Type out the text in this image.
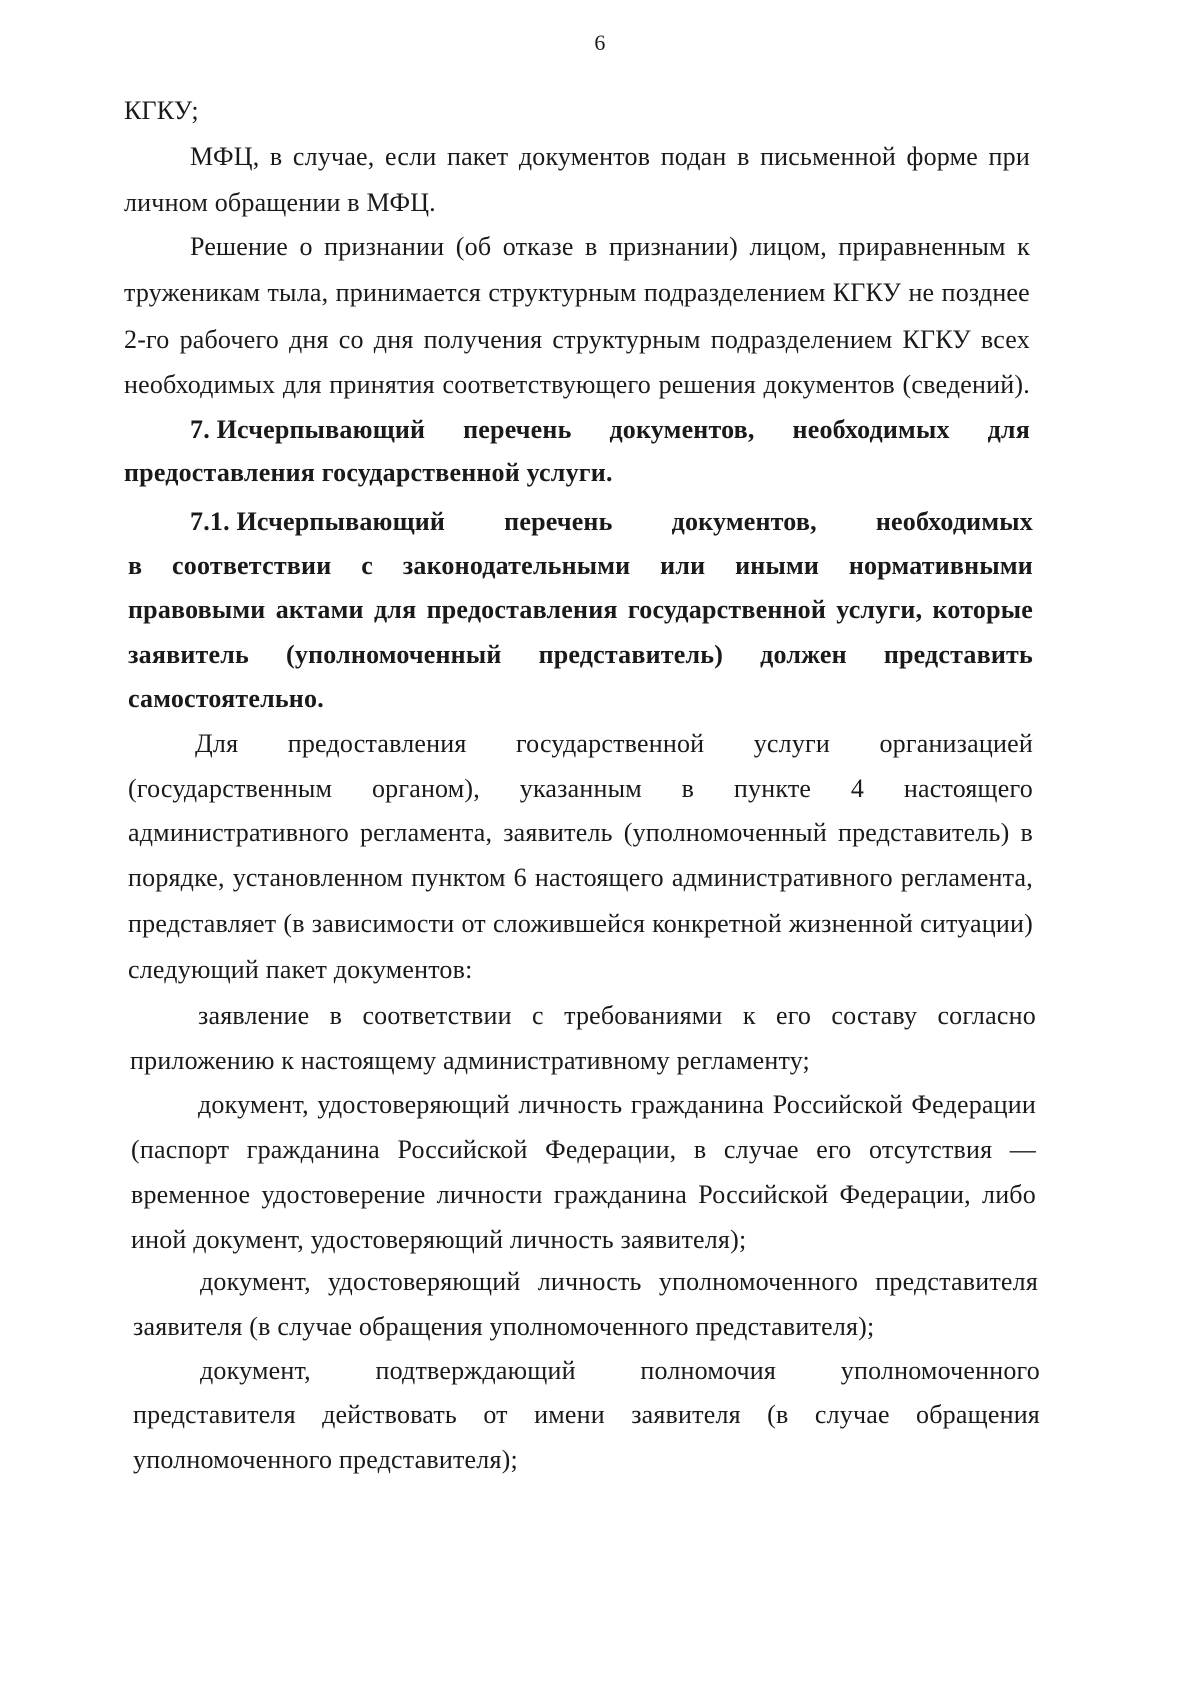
6
КГКУ;
МФЦ, в случае, если пакет документов подан в письменной форме при
личном обращении в МФЦ.
Решение о признании (об отказе в признании) лицом, приравненным к
труженикам тыла, принимается структурным подразделением КГКУ не позднее
2-го рабочего дня со дня получения структурным подразделением КГКУ всех
необходимых для принятия соответствующего решения документов (сведений).
7. Исчерпывающий перечень документов, необходимых для
предоставления государственной услуги.
7.1. Исчерпывающий перечень документов, необходимых
в соответствии с законодательными или иными нормативными
правовыми актами для предоставления государственной услуги, которые
заявитель (уполномоченный представитель) должен представить
самостоятельно.
Для предоставления государственной услуги организацией
(государственным органом), указанным в пункте 4 настоящего
административного регламента, заявитель (уполномоченный представитель) в
порядке, установленном пунктом 6 настоящего административного регламента,
представляет (в зависимости от сложившейся конкретной жизненной ситуации)
следующий пакет документов:
заявление в соответствии с требованиями к его составу согласно
приложению к настоящему административному регламенту;
документ, удостоверяющий личность гражданина Российской Федерации
(паспорт гражданина Российской Федерации, в случае его отсутствия —
временное удостоверение личности гражданина Российской Федерации, либо
иной документ, удостоверяющий личность заявителя);
документ, удостоверяющий личность уполномоченного представителя
заявителя (в случае обращения уполномоченного представителя);
документ, подтверждающий полномочия уполномоченного
представителя действовать от имени заявителя (в случае обращения
уполномоченного представителя);
